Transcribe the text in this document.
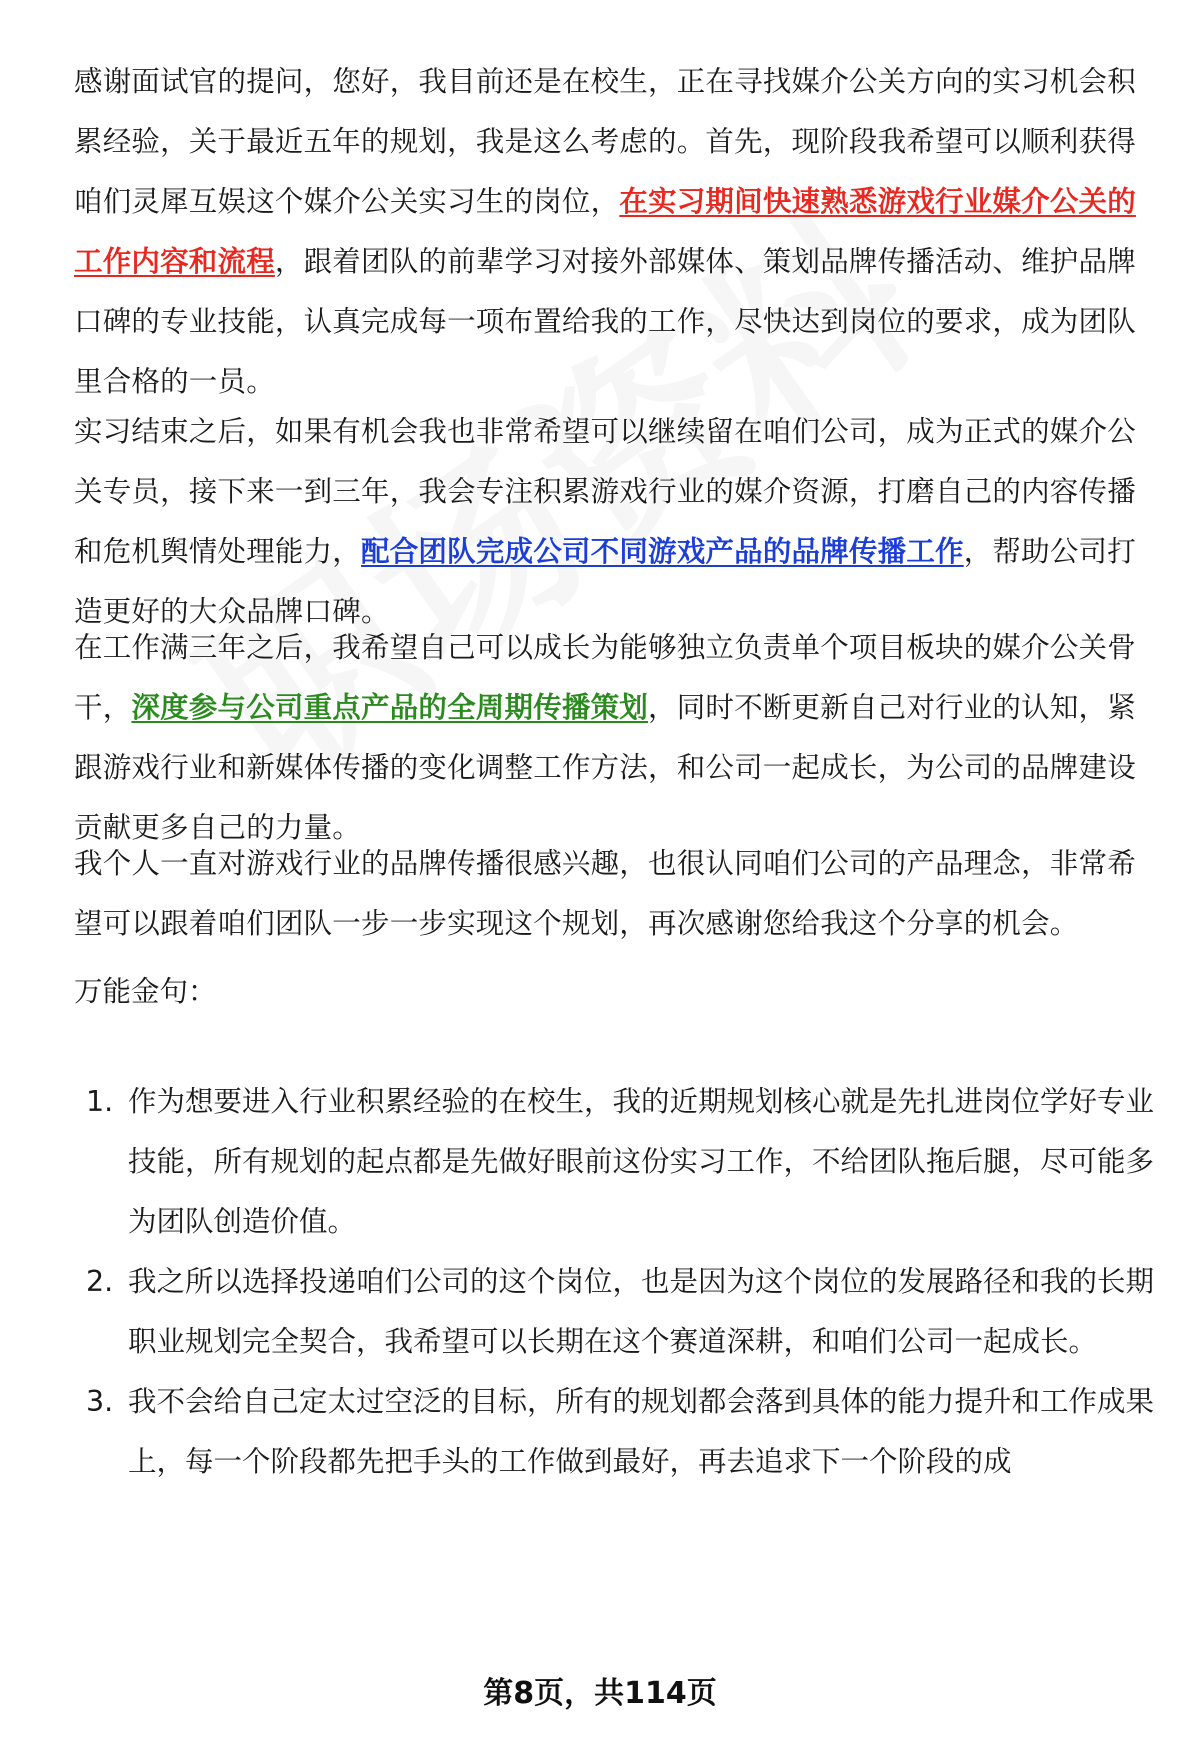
感谢面试官的提问，您好，我目前还是在校生，正在寻找媒介公关方向的实习机会积累经验，关于最近五年的规划，我是这么考虑的。首先，现阶段我希望可以顺利获得咱们灵犀互娱这个媒介公关实习生的岗位，在实习期间快速熟悉游戏行业媒介公关的工作内容和流程，跟着团队的前辈学习对接外部媒体、策划品牌传播活动、维护品牌口碑的专业技能，认真完成每一项布置给我的工作，尽快达到岗位的要求，成为团队里合格的一员。
实习结束之后，如果有机会我也非常希望可以继续留在咱们公司，成为正式的媒介公关专员，接下来一到三年，我会专注积累游戏行业的媒介资源，打磨自己的内容传播和危机舆情处理能力，配合团队完成公司不同游戏产品的品牌传播工作，帮助公司打造更好的大众品牌口碑。
在工作满三年之后，我希望自己可以成长为能够独立负责单个项目板块的媒介公关骨干，深度参与公司重点产品的全周期传播策划，同时不断更新自己对行业的认知，紧跟游戏行业和新媒体传播的变化调整工作方法，和公司一起成长，为公司的品牌建设贡献更多自己的力量。
我个人一直对游戏行业的品牌传播很感兴趣，也很认同咱们公司的产品理念，非常希望可以跟着咱们团队一步一步实现这个规划，再次感谢您给我这个分享的机会。
万能金句：
1. 作为想要进入行业积累经验的在校生，我的近期规划核心就是先扎进岗位学好专业技能，所有规划的起点都是先做好眼前这份实习工作，不给团队拖后腿，尽可能多为团队创造价值。
2. 我之所以选择投递咱们公司的这个岗位，也是因为这个岗位的发展路径和我的长期职业规划完全契合，我希望可以长期在这个赛道深耕，和咱们公司一起成长。
3. 我不会给自己定太过空泛的目标，所有的规划都会落到具体的能力提升和工作成果上，每一个阶段都先把手头的工作做到最好，再去追求下一个阶段的成
第8页，共114页
